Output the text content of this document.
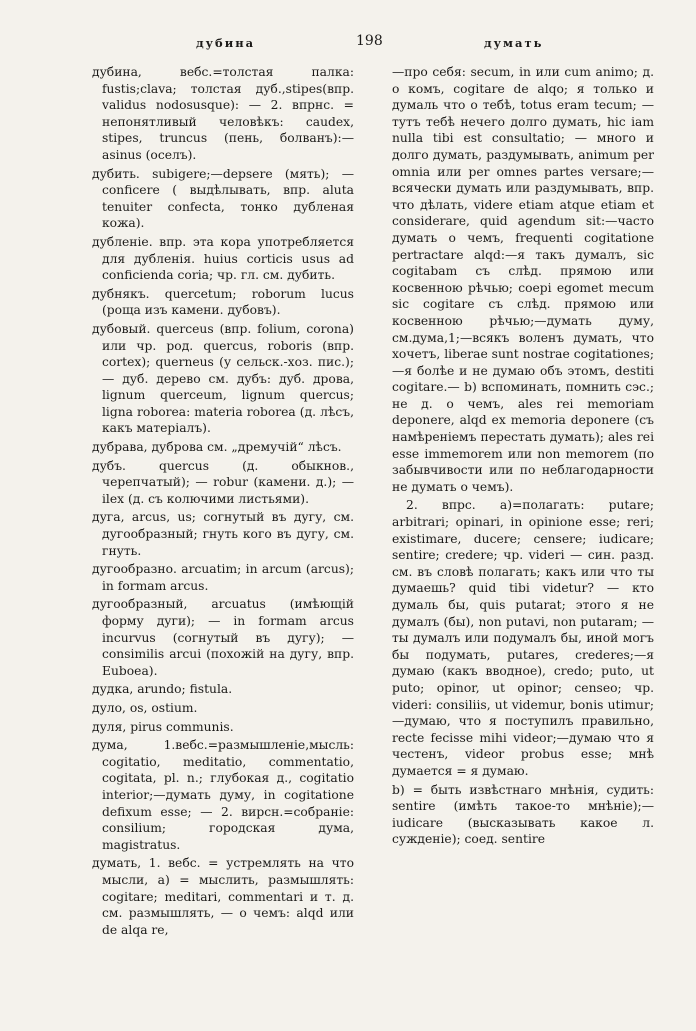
дубина	198	думать

дубина, вебс.=толстая палка: fustis;clava; толстая дуб.,stipes(впр. validus nodosusque): — 2. впрнс. = непонятливый человѣкъ: caudex, stipes, truncus (пень, болванъ):—asinus (оселъ).

дубить. subigere;—depsere (мять); — conficere ( выдѣлывать, впр. aluta tenuiter confecta, тонко дубленая кожа).

дубленіе. впр. эта кора употребляется для дубленія. huius corticis usus ad conficienda coria; чр. гл. см. дубить.

дубнякъ. quercetum; roborum lucus (роща изъ камени. дубовъ).

дубовый. querceus (впр. folium, corona) или чр. род. quercus, roboris (впр. cortex); querneus (у сельск.-хоз. пис.); — дуб. дерево см. дубъ: дуб. дрова, lignum querceum, lignum quercus; ligna roborea: materia roborea (д. лѣсъ, какъ матеріалъ).

дубрава, дуброва см. „дремучій“ лѣсъ.

дубъ. quercus (д. обыкнов., черепчатый); — robur (камени. д.); — ilex (д. съ колючими листьями).

дуга, arcus, us; согнутый въ дугу, см. дугообразный; гнуть кого въ дугу, см. гнуть.

дугообразно. arcuatim; in arcum (arcus); in formam arcus.

дугообразный, arcuatus (имѣющій форму дуги); — in formam arcus incurvus (согнутый въ дугу); — consimilis arcui (похожій на дугу, впр. Euboea).

дудка, arundo; fistula.

дуло, os, ostium.

дуля, pirus communis.

дума, 1.вебс.=размышленіе,мысль: cogitatio, meditatio, commentatio, cogitata, pl. n.; глубокая д., cogitatio interior;—думать думу, in cogitatione defixum esse; — 2. вирсн.=собраніе: consilium; городская дума, magistratus.

думать, 1. вебс. = устремлять на что мысли, а) = мыслить, размышлять: cogitare; meditari, commentari и т. д. см. размышлять, — о чемъ: alqd или de alqa re,

—про себя: secum, in или cum animo; д. о комъ, cogitare de alqo; я только и думаль что о тебѣ, totus eram tecum; — тутъ тебѣ нечего долго думать, hic iam nulla tibi est consultatio; — много и долго думать, раздумывать, animum per omnia или per omnes partes versare;—всячески думать или раздумывать, впр. что дѣлать, videre etiam atque etiam et considerare, quid agendum sit:—часто думать о чемъ, frequenti cogitatione pertractare alqd:—я такъ думалъ, sic cogitabam съ слѣд. прямою или косвенною рѣчью; coepi egomet mecum sic cogitare съ слѣд. прямою или косвенною рѣчью;—думать думу, см.дума,1;—всякъ воленъ думать, что хочетъ, liberae sunt nostrae cogitationes;—я болѣе и не думаю объ этомъ, destiti cogitare.— b) вспоминать, помнить сэс.; не д. о чемъ, ales rei memoriam deponere, alqd ex memoria deponere (съ намѣреніемъ перестать думать); ales rei esse immemorem или non memorem (по забывчивости или по неблагодарности не думать о чемъ).

2. впрс. а)=полагать: putare; arbitrari; opinari, in opinione esse; reri; existimare, ducere; censere; iudicare; sentire; credere; чр. videri — син. разд. см. въ словѣ полагать; какъ или что ты думаешь? quid tibi videtur? — кто думаль бы, quis putarat; этого я не думалъ (бы), non putavi, non putaram; — ты думалъ или подумалъ бы, иной могъ бы подумать, putares, crederes;—я думаю (какъ вводное), credo; puto, ut puto; opinor, ut opinor; censeo; чр. videri: consiliis, ut videmur, bonis utimur;—думаю, что я поступилъ правильно, recte fecisse mihi videor;—думаю что я честенъ, videor probus esse; мнѣ думается = я думаю.

b) = быть извѣстнаго мнѣнія, судить: sentire (имѣть такое-то мнѣніе);—iudicare (высказывать какое л. сужденіе); соед. sentire
